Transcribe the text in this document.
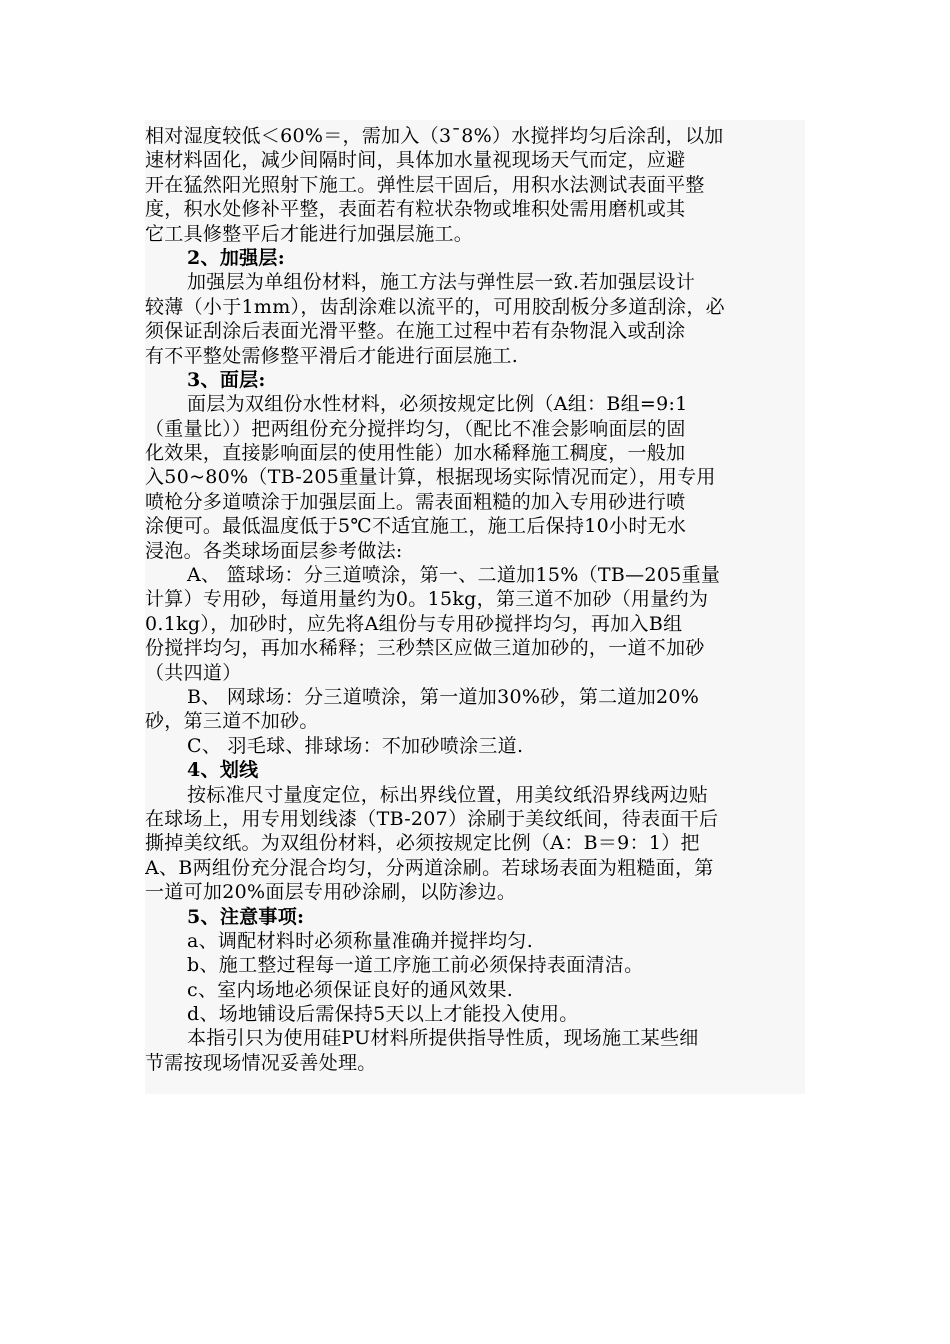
相对湿度较低＜60%＝，需加入（3¯8%）水搅拌均匀后涂刮，以加
速材料固化，减少间隔时间，具体加水量视现场天气而定，应避
开在猛然阳光照射下施工。弹性层干固后，用积水法测试表面平整
度，积水处修补平整，表面若有粒状杂物或堆积处需用磨机或其
它工具修整平后才能进行加强层施工。
2、加强层:
加强层为单组份材料，施工方法与弹性层一致.若加强层设计
较薄（小于1mm），齿刮涂难以流平的，可用胶刮板分多道刮涂，必
须保证刮涂后表面光滑平整。在施工过程中若有杂物混入或刮涂
有不平整处需修整平滑后才能进行面层施工.
3、面层:
面层为双组份水性材料，必须按规定比例（A组：B组=9:1
（重量比））把两组份充分搅拌均匀，（配比不准会影响面层的固
化效果，直接影响面层的使用性能）加水稀释施工稠度，一般加
入50~80%（TB-205重量计算，根据现场实际情况而定），用专用
喷枪分多道喷涂于加强层面上。需表面粗糙的加入专用砂进行喷
涂便可。最低温度低于5℃不适宜施工，施工后保持10小时无水
浸泡。各类球场面层参考做法:
A、 篮球场：分三道喷涂，第一、二道加15%（TB—205重量
计算）专用砂，每道用量约为0。15kg，第三道不加砂（用量约为
0.1kg），加砂时，应先将A组份与专用砂搅拌均匀，再加入B组
份搅拌均匀，再加水稀释；三秒禁区应做三道加砂的，一道不加砂
（共四道）
B、 网球场：分三道喷涂，第一道加30%砂，第二道加20%
砂，第三道不加砂。
C、 羽毛球、排球场：不加砂喷涂三道.
4、划线
按标准尺寸量度定位，标出界线位置，用美纹纸沿界线两边贴
在球场上，用专用划线漆（TB-207）涂刷于美纹纸间，待表面干后
撕掉美纹纸。为双组份材料，必须按规定比例（A：B＝9：1）把
A、B两组份充分混合均匀，分两道涂刷。若球场表面为粗糙面，第
一道可加20%面层专用砂涂刷，以防渗边。
5、注意事项:
a、调配材料时必须称量准确并搅拌均匀.
b、施工整过程每一道工序施工前必须保持表面清洁。
c、室内场地必须保证良好的通风效果.
d、场地铺设后需保持5天以上才能投入使用。
本指引只为使用硅PU材料所提供指导性质，现场施工某些细
节需按现场情况妥善处理。
